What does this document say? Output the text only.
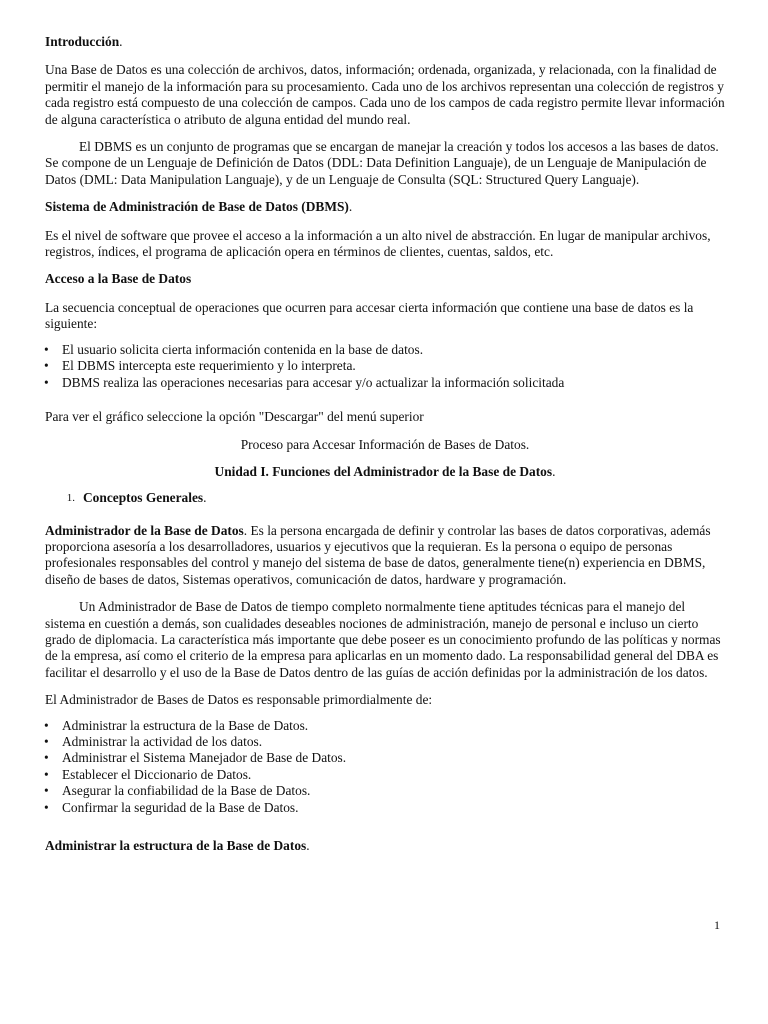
Introducción.

Una Base de Datos es una colección de archivos, datos, información; ordenada, organizada, y relacionada, con la finalidad de permitir el manejo de la información para su procesamiento. Cada uno de los archivos representan una colección de registros y cada registro está compuesto de una colección de campos. Cada uno de los campos de cada registro permite llevar información de alguna característica o atributo de alguna entidad del mundo real.

El DBMS es un conjunto de programas que se encargan de manejar la creación y todos los accesos a las bases de datos. Se compone de un Lenguaje de Definición de Datos (DDL: Data Definition Languaje), de un Lenguaje de Manipulación de Datos (DML: Data Manipulation Languaje), y de un Lenguaje de Consulta (SQL: Structured Query Languaje).

Sistema de Administración de Base de Datos (DBMS).

Es el nivel de software que provee el acceso a la información a un alto nivel de abstracción. En lugar de manipular archivos, registros, índices, el programa de aplicación opera en términos de clientes, cuentas, saldos, etc.

Acceso a la Base de Datos

La secuencia conceptual de operaciones que ocurren para accesar cierta información que contiene una base de datos es la siguiente:

• El usuario solicita cierta información contenida en la base de datos.
• El DBMS intercepta este requerimiento y lo interpreta.
• DBMS realiza las operaciones necesarias para accesar y/o actualizar la información solicitada

Para ver el gráfico seleccione la opción "Descargar" del menú superior

Proceso para Accesar Información de Bases de Datos.

Unidad I. Funciones del Administrador de la Base de Datos.

1. Conceptos Generales.

Administrador de la Base de Datos. Es la persona encargada de definir y controlar las bases de datos corporativas, además proporciona asesoría a los desarrolladores, usuarios y ejecutivos que la requieran. Es la persona o equipo de personas profesionales responsables del control y manejo del sistema de base de datos, generalmente tiene(n) experiencia en DBMS, diseño de bases de datos, Sistemas operativos, comunicación de datos, hardware y programación.

Un Administrador de Base de Datos de tiempo completo normalmente tiene aptitudes técnicas para el manejo del sistema en cuestión a demás, son cualidades deseables nociones de administración, manejo de personal e incluso un cierto grado de diplomacia. La característica más importante que debe poseer es un conocimiento profundo de las políticas y normas de la empresa, así como el criterio de la empresa para aplicarlas en un momento dado. La responsabilidad general del DBA es facilitar el desarrollo y el uso de la Base de Datos dentro de las guías de acción definidas por la administración de los datos.

El Administrador de Bases de Datos es responsable primordialmente de:

• Administrar la estructura de la Base de Datos.
• Administrar la actividad de los datos.
• Administrar el Sistema Manejador de Base de Datos.
• Establecer el Diccionario de Datos.
• Asegurar la confiabilidad de la Base de Datos.
• Confirmar la seguridad de la Base de Datos.

Administrar la estructura de la Base de Datos.

1
